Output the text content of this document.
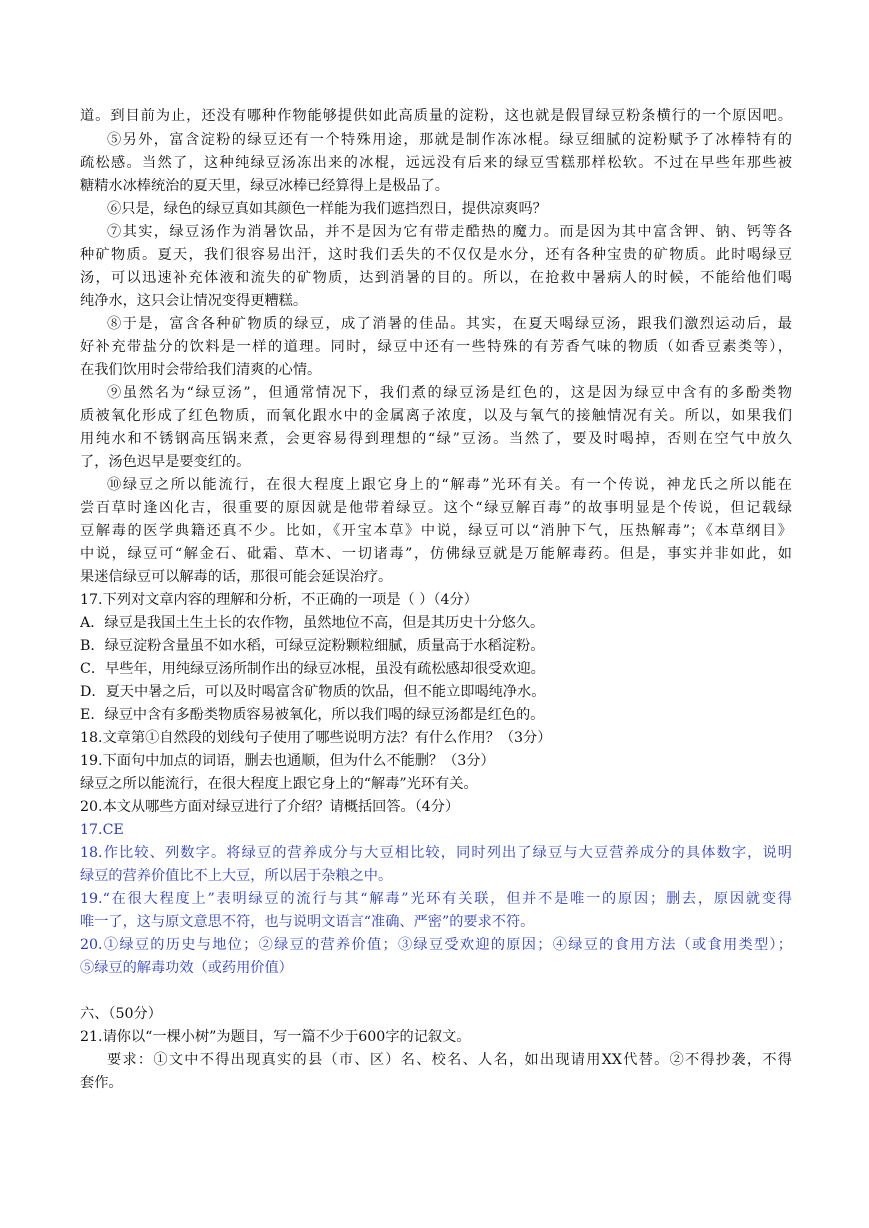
道。到目前为止，还没有哪种作物能够提供如此高质量的淀粉，这也就是假冒绿豆粉条横行的一个原因吧。
⑤另外，富含淀粉的绿豆还有一个特殊用途，那就是制作冻冰棍。绿豆细腻的淀粉赋予了冰棒特有的
疏松感。当然了，这种纯绿豆汤冻出来的冰棍，远远没有后来的绿豆雪糕那样松软。不过在早些年那些被
糖精水冰棒统治的夏天里，绿豆冰棒已经算得上是极品了。
⑥只是，绿色的绿豆真如其颜色一样能为我们遮挡烈日，提供凉爽吗？
⑦其实，绿豆汤作为消暑饮品，并不是因为它有带走酷热的魔力。而是因为其中富含钾、钠、钙等各
种矿物质。夏天，我们很容易出汗，这时我们丢失的不仅仅是水分，还有各种宝贵的矿物质。此时喝绿豆
汤，可以迅速补充体液和流失的矿物质，达到消暑的目的。所以，在抢救中暑病人的时候，不能给他们喝
纯净水，这只会让情况变得更糟糕。
⑧于是，富含各种矿物质的绿豆，成了消暑的佳品。其实，在夏天喝绿豆汤，跟我们激烈运动后，最
好补充带盐分的饮料是一样的道理。同时，绿豆中还有一些特殊的有芳香气味的物质（如香豆素类等），
在我们饮用时会带给我们清爽的心情。
⑨虽然名为“绿豆汤”，但通常情况下，我们煮的绿豆汤是红色的，这是因为绿豆中含有的多酚类物
质被氧化形成了红色物质，而氧化跟水中的金属离子浓度，以及与氧气的接触情况有关。所以，如果我们
用纯水和不锈钢高压锅来煮，会更容易得到理想的“绿”豆汤。当然了，要及时喝掉，否则在空气中放久
了，汤色迟早是要变红的。
⑩绿豆之所以能流行，在很大程度上跟它身上的“解毒”光环有关。有一个传说，神龙氏之所以能在
尝百草时逢凶化吉，很重要的原因就是他带着绿豆。这个“绿豆解百毒”的故事明显是个传说，但记载绿
豆解毒的医学典籍还真不少。比如，《开宝本草》中说，绿豆可以“消肿下气，压热解毒”；《本草纲目》
中说，绿豆可“解金石、砒霜、草木、一切诸毒”，仿佛绿豆就是万能解毒药。但是，事实并非如此，如
果迷信绿豆可以解毒的话，那很可能会延误治疗。
17.下列对文章内容的理解和分析，不正确的一项是（ ）（4分）
A．绿豆是我国土生土长的农作物，虽然地位不高，但是其历史十分悠久。
B．绿豆淀粉含量虽不如水稻，可绿豆淀粉颗粒细腻，质量高于水稻淀粉。
C．早些年，用纯绿豆汤所制作出的绿豆冰棍，虽没有疏松感却很受欢迎。
D．夏天中暑之后，可以及时喝富含矿物质的饮品，但不能立即喝纯净水。
E．绿豆中含有多酚类物质容易被氧化，所以我们喝的绿豆汤都是红色的。
18.文章第①自然段的划线句子使用了哪些说明方法？有什么作用？（3分）
19.下面句中加点的词语，删去也通顺，但为什么不能删？（3分）
绿豆之所以能流行，在很大程度上跟它身上的“解毒”光环有关。
20.本文从哪些方面对绿豆进行了介绍？请概括回答。（4分）
17.CE
18.作比较、列数字。将绿豆的营养成分与大豆相比较，同时列出了绿豆与大豆营养成分的具体数字，说明
绿豆的营养价值比不上大豆，所以居于杂粮之中。
19.“在很大程度上”表明绿豆的流行与其“解毒”光环有关联，但并不是唯一的原因；删去，原因就变得
唯一了，这与原文意思不符，也与说明文语言“准确、严密”的要求不符。
20.①绿豆的历史与地位；②绿豆的营养价值；③绿豆受欢迎的原因；④绿豆的食用方法（或食用类型）；
⑤绿豆的解毒功效（或药用价值）
六、（50分）
21.请你以“一棵小树”为题目，写一篇不少于600字的记叙文。
要求：①文中不得出现真实的县（市、区）名、校名、人名，如出现请用XX代替。②不得抄袭，不得
套作。
